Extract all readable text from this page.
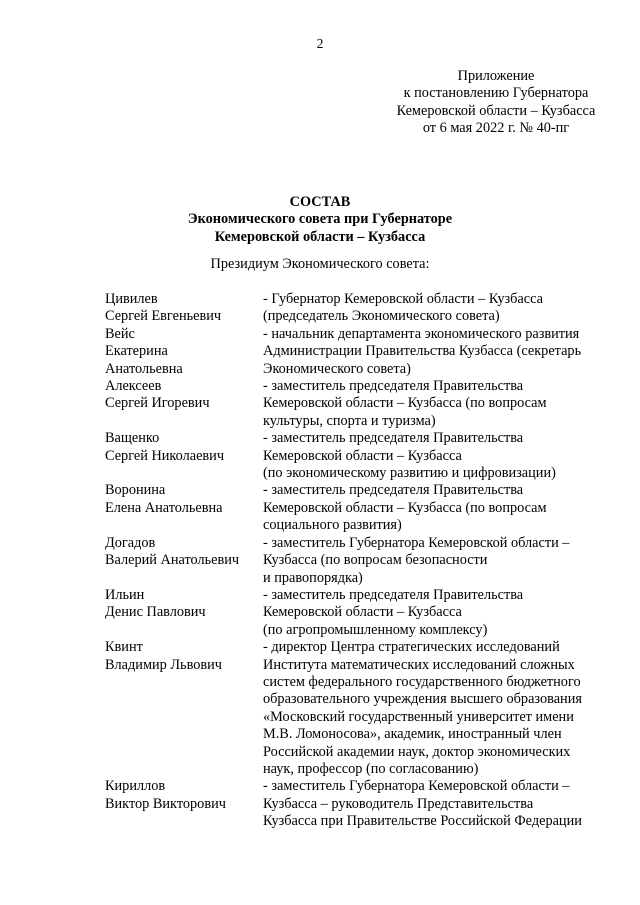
2
Приложение
к постановлению Губернатора
Кемеровской области – Кузбасса
от 6 мая 2022 г. № 40-пг
СОСТАВ
Экономического совета при Губернаторе
Кемеровской области – Кузбасса
Президиум Экономического совета:
Цивилев
Сергей Евгеньевич
- Губернатор Кемеровской области – Кузбасса
(председатель Экономического совета)
Вейс
Екатерина
Анатольевна
- начальник департамента экономического развития
Администрации Правительства Кузбасса (секретарь
Экономического совета)
Алексеев
Сергей Игоревич
- заместитель председателя Правительства
Кемеровской области – Кузбасса (по вопросам
культуры, спорта и туризма)
Ващенко
Сергей Николаевич
- заместитель председателя Правительства
Кемеровской области – Кузбасса
(по экономическому развитию и цифровизации)
Воронина
Елена Анатольевна
- заместитель председателя Правительства
Кемеровской области – Кузбасса (по вопросам
социального развития)
Догадов
Валерий Анатольевич
- заместитель Губернатора Кемеровской области –
Кузбасса (по вопросам безопасности
и правопорядка)
Ильин
Денис Павлович
- заместитель председателя Правительства
Кемеровской области – Кузбасса
(по агропромышленному комплексу)
Квинт
Владимир Львович
- директор Центра стратегических исследований
Института математических исследований сложных
систем федерального государственного бюджетного
образовательного учреждения высшего образования
«Московский государственный университет имени
М.В. Ломоносова», академик, иностранный член
Российской академии наук, доктор экономических
наук, профессор (по согласованию)
Кириллов
Виктор Викторович
- заместитель Губернатора Кемеровской области –
Кузбасса – руководитель Представительства
Кузбасса при Правительстве Российской Федерации
